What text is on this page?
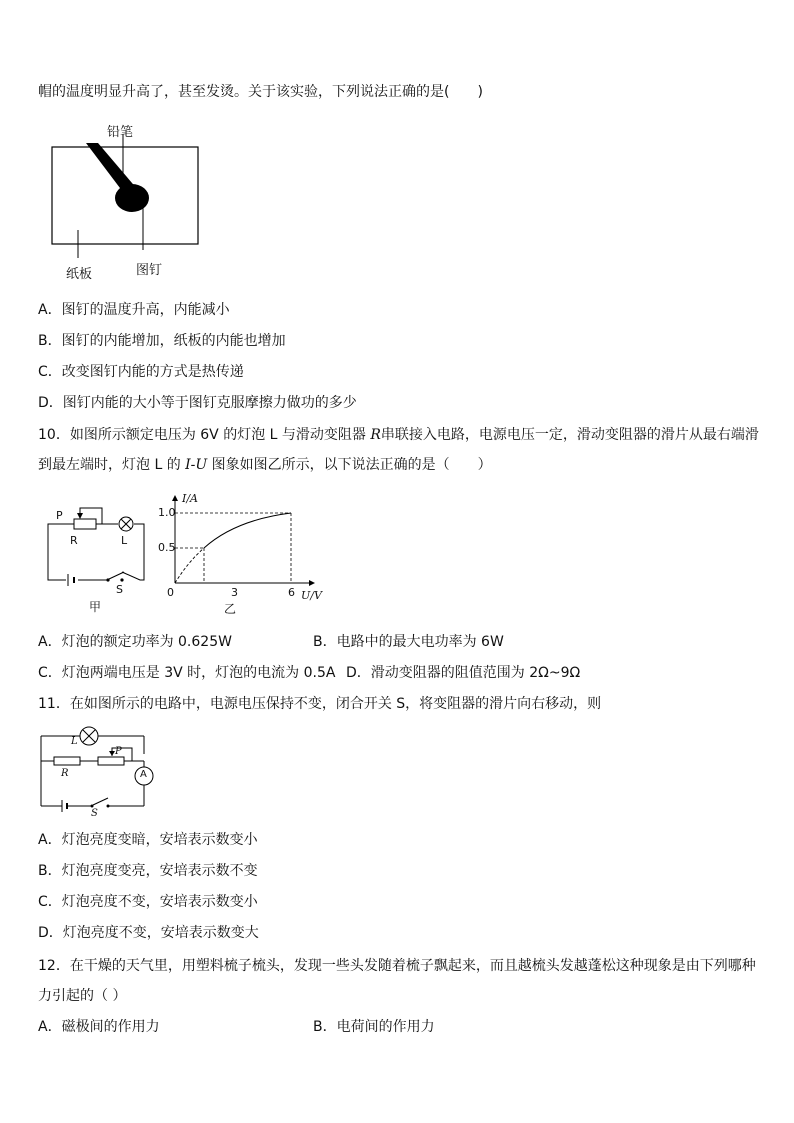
帽的温度明显升高了，甚至发烫。关于该实验，下列说法正确的是(　　)
铅笔
纸板	图钉
A．图钉的温度升高，内能减小
B．图钉的内能增加，纸板的内能也增加
C．改变图钉内能的方式是热传递
D．图钉内能的大小等于图钉克服摩擦力做功的多少
10．如图所示额定电压为 6V 的灯泡 L 与滑动变阻器 R串联接入电路，电源电压一定，滑动变阻器的滑片从最右端滑
到最左端时，灯泡 L 的 I-U 图象如图乙所示，以下说法正确的是（　　）
P
R	L
S
甲
I/A
1.0
0.5
0	3	6 U/V
乙
A．灯泡的额定功率为 0.625W	B．电路中的最大电功率为 6W
C．灯泡两端电压是 3V 时，灯泡的电流为 0.5A D．滑动变阻器的阻值范围为 2Ω~9Ω
11．在如图所示的电路中，电源电压保持不变，闭合开关 S，将变阻器的滑片向右移动，则
L
P
R	A
S
A．灯泡亮度变暗，安培表示数变小
B．灯泡亮度变亮，安培表示数不变
C．灯泡亮度不变，安培表示数变小
D．灯泡亮度不变，安培表示数变大
12．在干燥的天气里，用塑料梳子梳头，发现一些头发随着梳子飘起来，而且越梳头发越蓬松这种现象是由下列哪种
力引起的（ ）
A．磁极间的作用力	B．电荷间的作用力
